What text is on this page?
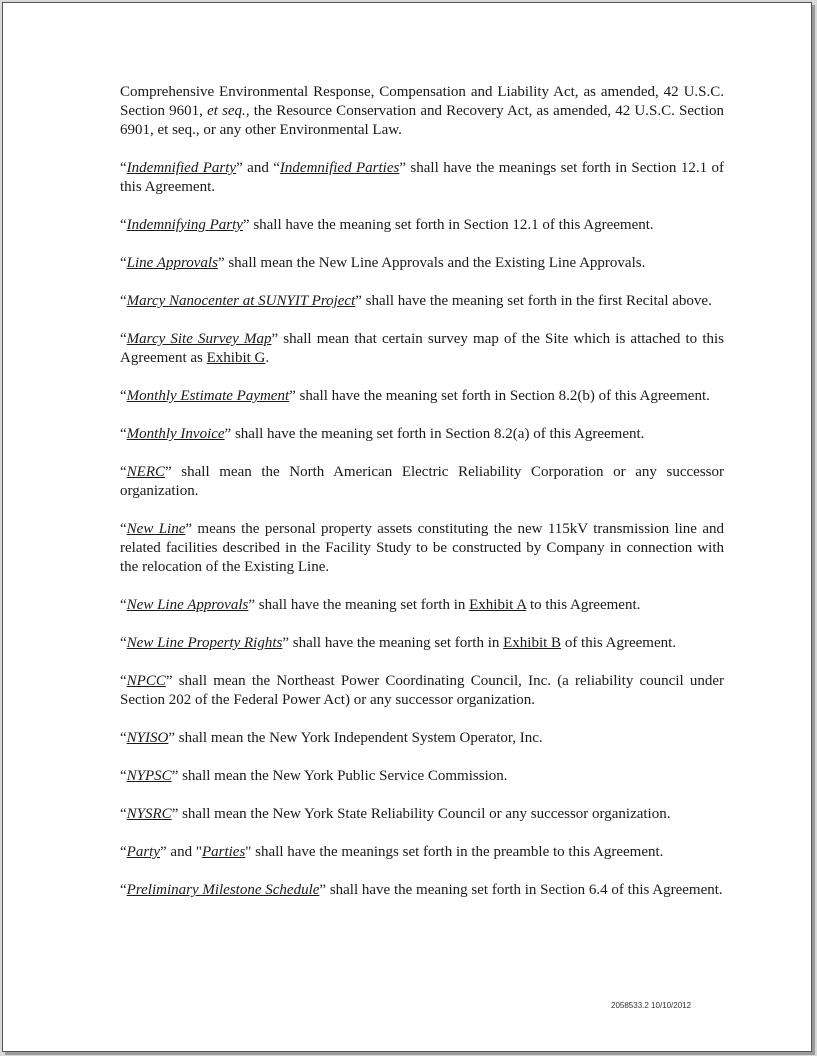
Comprehensive Environmental Response, Compensation and Liability Act, as amended, 42 U.S.C. Section 9601, et seq., the Resource Conservation and Recovery Act, as amended, 42 U.S.C. Section 6901, et seq., or any other Environmental Law.

“Indemnified Party” and “Indemnified Parties” shall have the meanings set forth in Section 12.1 of this Agreement.

“Indemnifying Party” shall have the meaning set forth in Section 12.1 of this Agreement.

“Line Approvals” shall mean the New Line Approvals and the Existing Line Approvals.

“Marcy Nanocenter at SUNYIT Project” shall have the meaning set forth in the first Recital above.

“Marcy Site Survey Map” shall mean that certain survey map of the Site which is attached to this Agreement as Exhibit G.

“Monthly Estimate Payment” shall have the meaning set forth in Section 8.2(b) of this Agreement.

“Monthly Invoice” shall have the meaning set forth in Section 8.2(a) of this Agreement.

“NERC” shall mean the North American Electric Reliability Corporation or any successor organization.

“New Line” means the personal property assets constituting the new 115kV transmission line and related facilities described in the Facility Study to be constructed by Company in connection with the relocation of the Existing Line.

“New Line Approvals” shall have the meaning set forth in Exhibit A to this Agreement.

“New Line Property Rights” shall have the meaning set forth in Exhibit B of this Agreement.

“NPCC” shall mean the Northeast Power Coordinating Council, Inc. (a reliability council under Section 202 of the Federal Power Act) or any successor organization.

“NYISO” shall mean the New York Independent System Operator, Inc.

“NYPSC” shall mean the New York Public Service Commission.

“NYSRC” shall mean the New York State Reliability Council or any successor organization.

“Party” and "Parties" shall have the meanings set forth in the preamble to this Agreement.

“Preliminary Milestone Schedule” shall have the meaning set forth in Section 6.4 of this Agreement.

2058533.2 10/10/2012
